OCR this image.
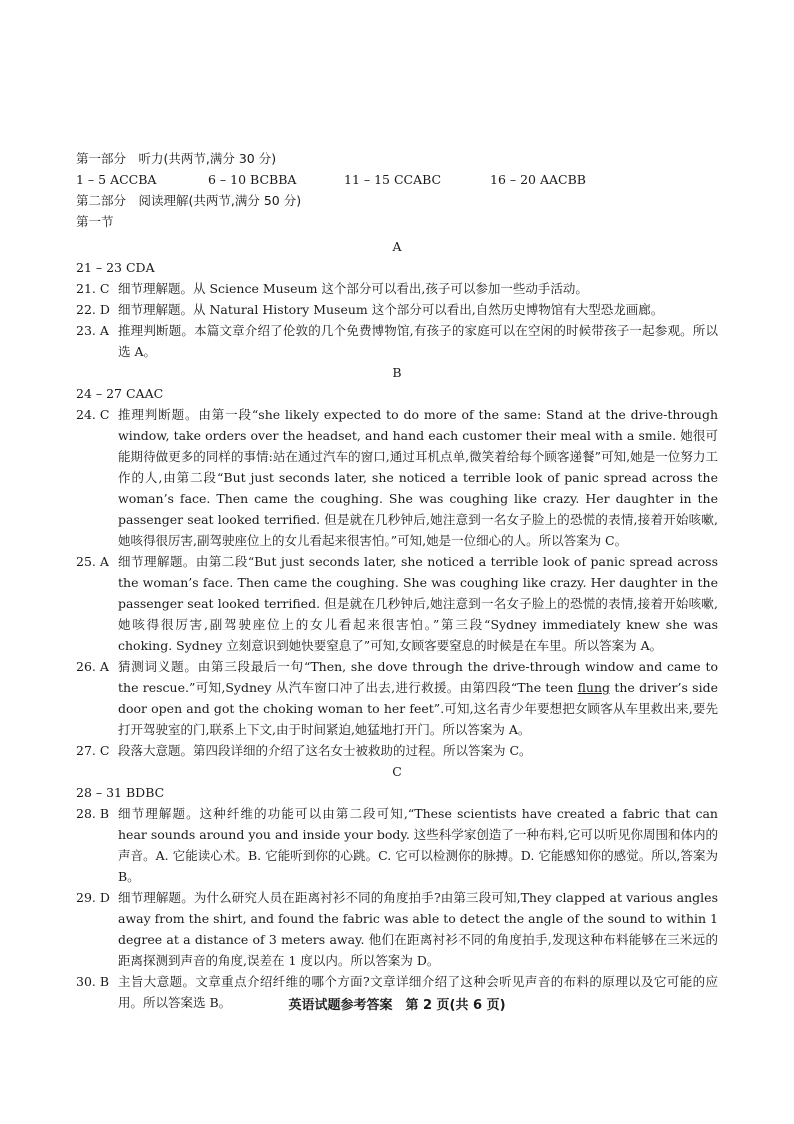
第一部分　听力(共两节,满分 30 分)
1 – 5 ACCBA	6 – 10 BCBBA	11 – 15 CCABC	16 – 20 AACBB
第二部分　阅读理解(共两节,满分 50 分)
第一节
A
21 – 23 CDA
21. C 细节理解题。从 Science Museum 这个部分可以看出,孩子可以参加一些动手活动。
22. D 细节理解题。从 Natural History Museum 这个部分可以看出,自然历史博物馆有大型恐龙画廊。
23. A 推理判断题。本篇文章介绍了伦敦的几个免费博物馆,有孩子的家庭可以在空闲的时候带孩子一起参观。所以选 A。
B
24 – 27 CAAC
24. C 推理判断题。由第一段“she likely expected to do more of the same: Stand at the drive-through window, take orders over the headset, and hand each customer their meal with a smile. 她很可能期待做更多的同样的事情:站在通过汽车的窗口,通过耳机点单,微笑着给每个顾客递餐”可知,她是一位努力工作的人,由第二段“But just seconds later, she noticed a terrible look of panic spread across the woman’s face. Then came the coughing. She was coughing like crazy. Her daughter in the passenger seat looked terrified. 但是就在几秒钟后,她注意到一名女子脸上的恐慌的表情,接着开始咳嗽,她咳得很厉害,副驾驶座位上的女儿看起来很害怕。”可知,她是一位细心的人。所以答案为 C。
25. A 细节理解题。由第二段“But just seconds later, she noticed a terrible look of panic spread across the woman’s face. Then came the coughing. She was coughing like crazy. Her daughter in the passenger seat looked terrified. 但是就在几秒钟后,她注意到一名女子脸上的恐慌的表情,接着开始咳嗽,她咳得很厉害,副驾驶座位上的女儿看起来很害怕。”第三段“Sydney immediately knew she was choking. Sydney 立刻意识到她快要窒息了”可知,女顾客要窒息的时候是在车里。所以答案为 A。
26. A 猜测词义题。由第三段最后一句“Then, she dove through the drive-through window and came to the rescue.”可知,Sydney 从汽车窗口冲了出去,进行救援。由第四段“The teen flung the driver’s side door open and got the choking woman to her feet”.可知,这名青少年要想把女顾客从车里救出来,要先打开驾驶室的门,联系上下文,由于时间紧迫,她猛地打开门。所以答案为 A。
27. C 段落大意题。第四段详细的介绍了这名女士被救助的过程。所以答案为 C。
C
28 – 31 BDBC
28. B 细节理解题。这种纤维的功能可以由第二段可知,“These scientists have created a fabric that can hear sounds around you and inside your body. 这些科学家创造了一种布料,它可以听见你周围和体内的声音。A. 它能读心术。B. 它能听到你的心跳。C. 它可以检测你的脉搏。D. 它能感知你的感觉。所以,答案为 B。
29. D 细节理解题。为什么研究人员在距离衬衫不同的角度拍手?由第三段可知,They clapped at various angles away from the shirt, and found the fabric was able to detect the angle of the sound to within 1 degree at a distance of 3 meters away. 他们在距离衬衫不同的角度拍手,发现这种布料能够在三米远的距离探测到声音的角度,误差在 1 度以内。所以答案为 D。
30. B 主旨大意题。文章重点介绍纤维的哪个方面?文章详细介绍了这种会听见声音的布料的原理以及它可能的应用。所以答案选 B。	英语试题参考答案　第 2 页(共 6 页)
